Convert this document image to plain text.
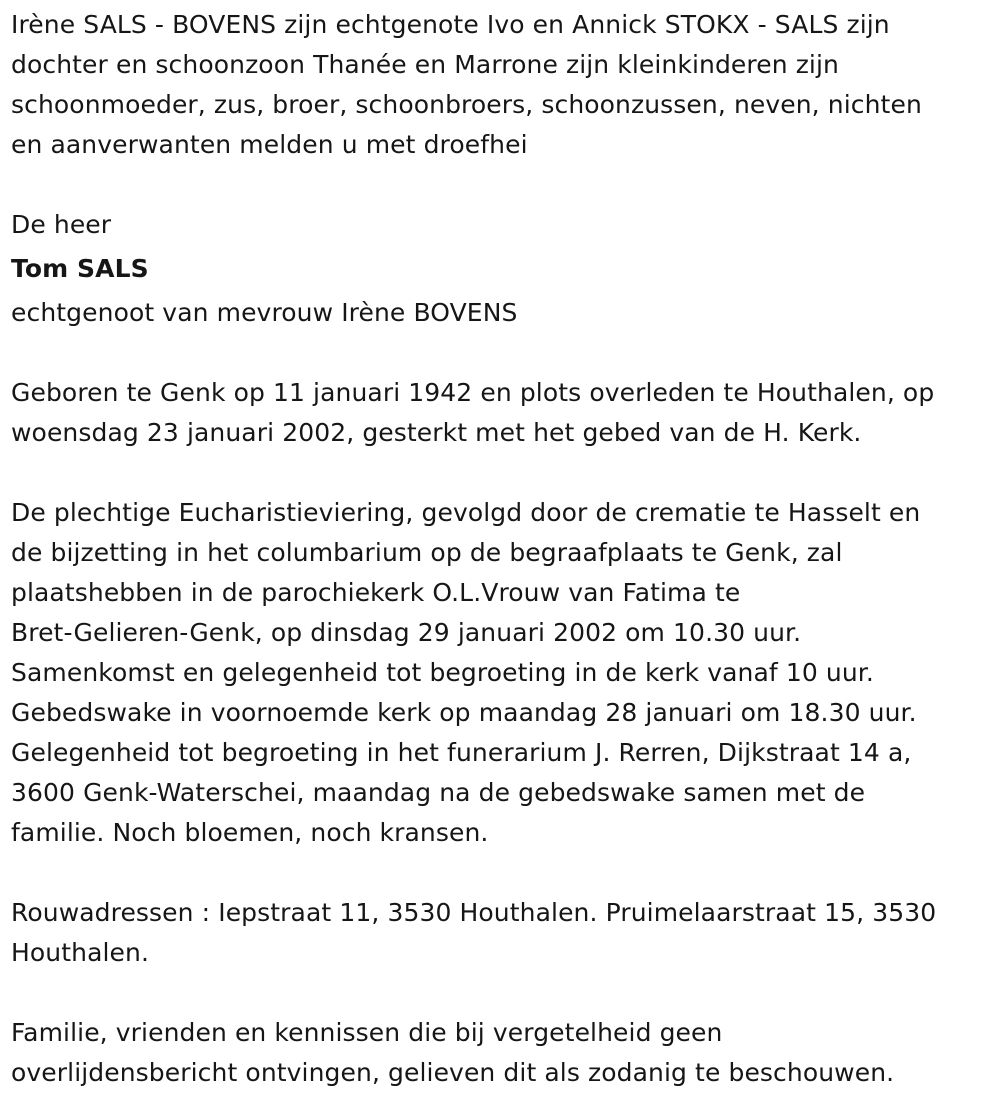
Irène SALS - BOVENS zijn echtgenote Ivo en Annick STOKX - SALS zijn
dochter en schoonzoon Thanée en Marrone zijn kleinkinderen zijn
schoonmoeder, zus, broer, schoonbroers, schoonzussen, neven, nichten
en aanverwanten melden u met droefhei

De heer

Tom SALS

echtgenoot van mevrouw Irène BOVENS

Geboren te Genk op 11 januari 1942 en plots overleden te Houthalen, op
woensdag 23 januari 2002, gesterkt met het gebed van de H. Kerk.

De plechtige Eucharistieviering, gevolgd door de crematie te Hasselt en
de bijzetting in het columbarium op de begraafplaats te Genk, zal
plaatshebben in de parochiekerk O.L.Vrouw van Fatima te
Bret-Gelieren-Genk, op dinsdag 29 januari 2002 om 10.30 uur.
Samenkomst en gelegenheid tot begroeting in de kerk vanaf 10 uur.
Gebedswake in voornoemde kerk op maandag 28 januari om 18.30 uur.
Gelegenheid tot begroeting in het funerarium J. Rerren, Dijkstraat 14 a,
3600 Genk-Waterschei, maandag na de gebedswake samen met de
familie. Noch bloemen, noch kransen.

Rouwadressen : Iepstraat 11, 3530 Houthalen. Pruimelaarstraat 15, 3530
Houthalen.

Familie, vrienden en kennissen die bij vergetelheid geen
overlijdensbericht ontvingen, gelieven dit als zodanig te beschouwen.
